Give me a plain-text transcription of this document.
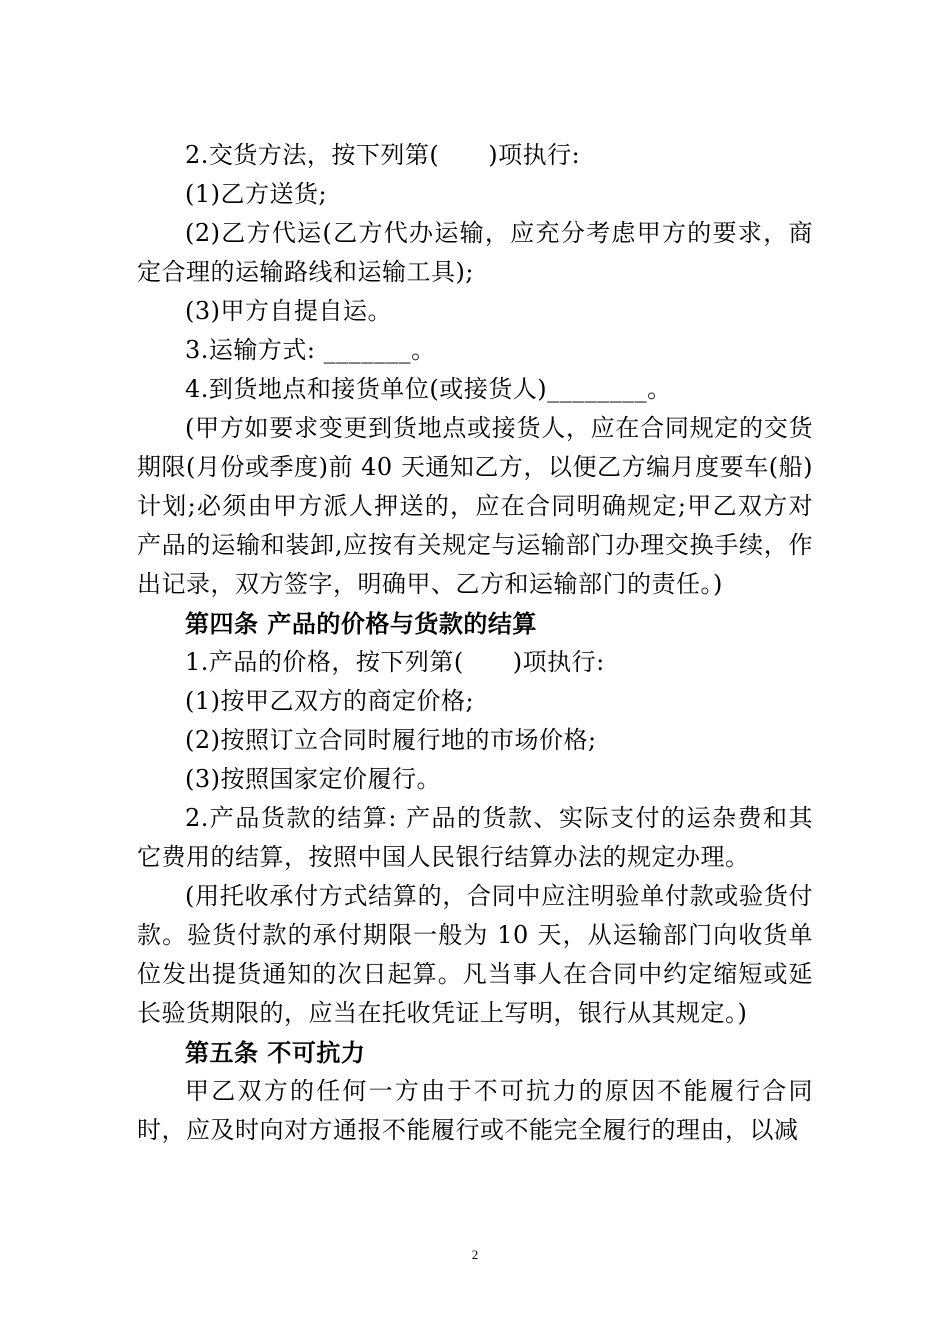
2.交货方法，按下列第(　　)项执行:

(1)乙方送货;

(2)乙方代运(乙方代办运输，应充分考虑甲方的要求，商定合理的运输路线和运输工具);

(3)甲方自提自运。

3.运输方式: _______。

4.到货地点和接货单位(或接货人)________。

(甲方如要求变更到货地点或接货人，应在合同规定的交货期限(月份或季度)前 40 天通知乙方，以便乙方编月度要车(船)计划;必须由甲方派人押送的，应在合同明确规定;甲乙双方对产品的运输和装卸,应按有关规定与运输部门办理交换手续，作出记录，双方签字，明确甲、乙方和运输部门的责任。)

第四条 产品的价格与货款的结算

1.产品的价格，按下列第(　　)项执行:

(1)按甲乙双方的商定价格;

(2)按照订立合同时履行地的市场价格;

(3)按照国家定价履行。

2.产品货款的结算: 产品的货款、实际支付的运杂费和其它费用的结算，按照中国人民银行结算办法的规定办理。

(用托收承付方式结算的，合同中应注明验单付款或验货付款。验货付款的承付期限一般为 10 天，从运输部门向收货单位发出提货通知的次日起算。凡当事人在合同中约定缩短或延长验货期限的，应当在托收凭证上写明，银行从其规定。)

第五条 不可抗力

甲乙双方的任何一方由于不可抗力的原因不能履行合同时，应及时向对方通报不能履行或不能完全履行的理由，以减

2
